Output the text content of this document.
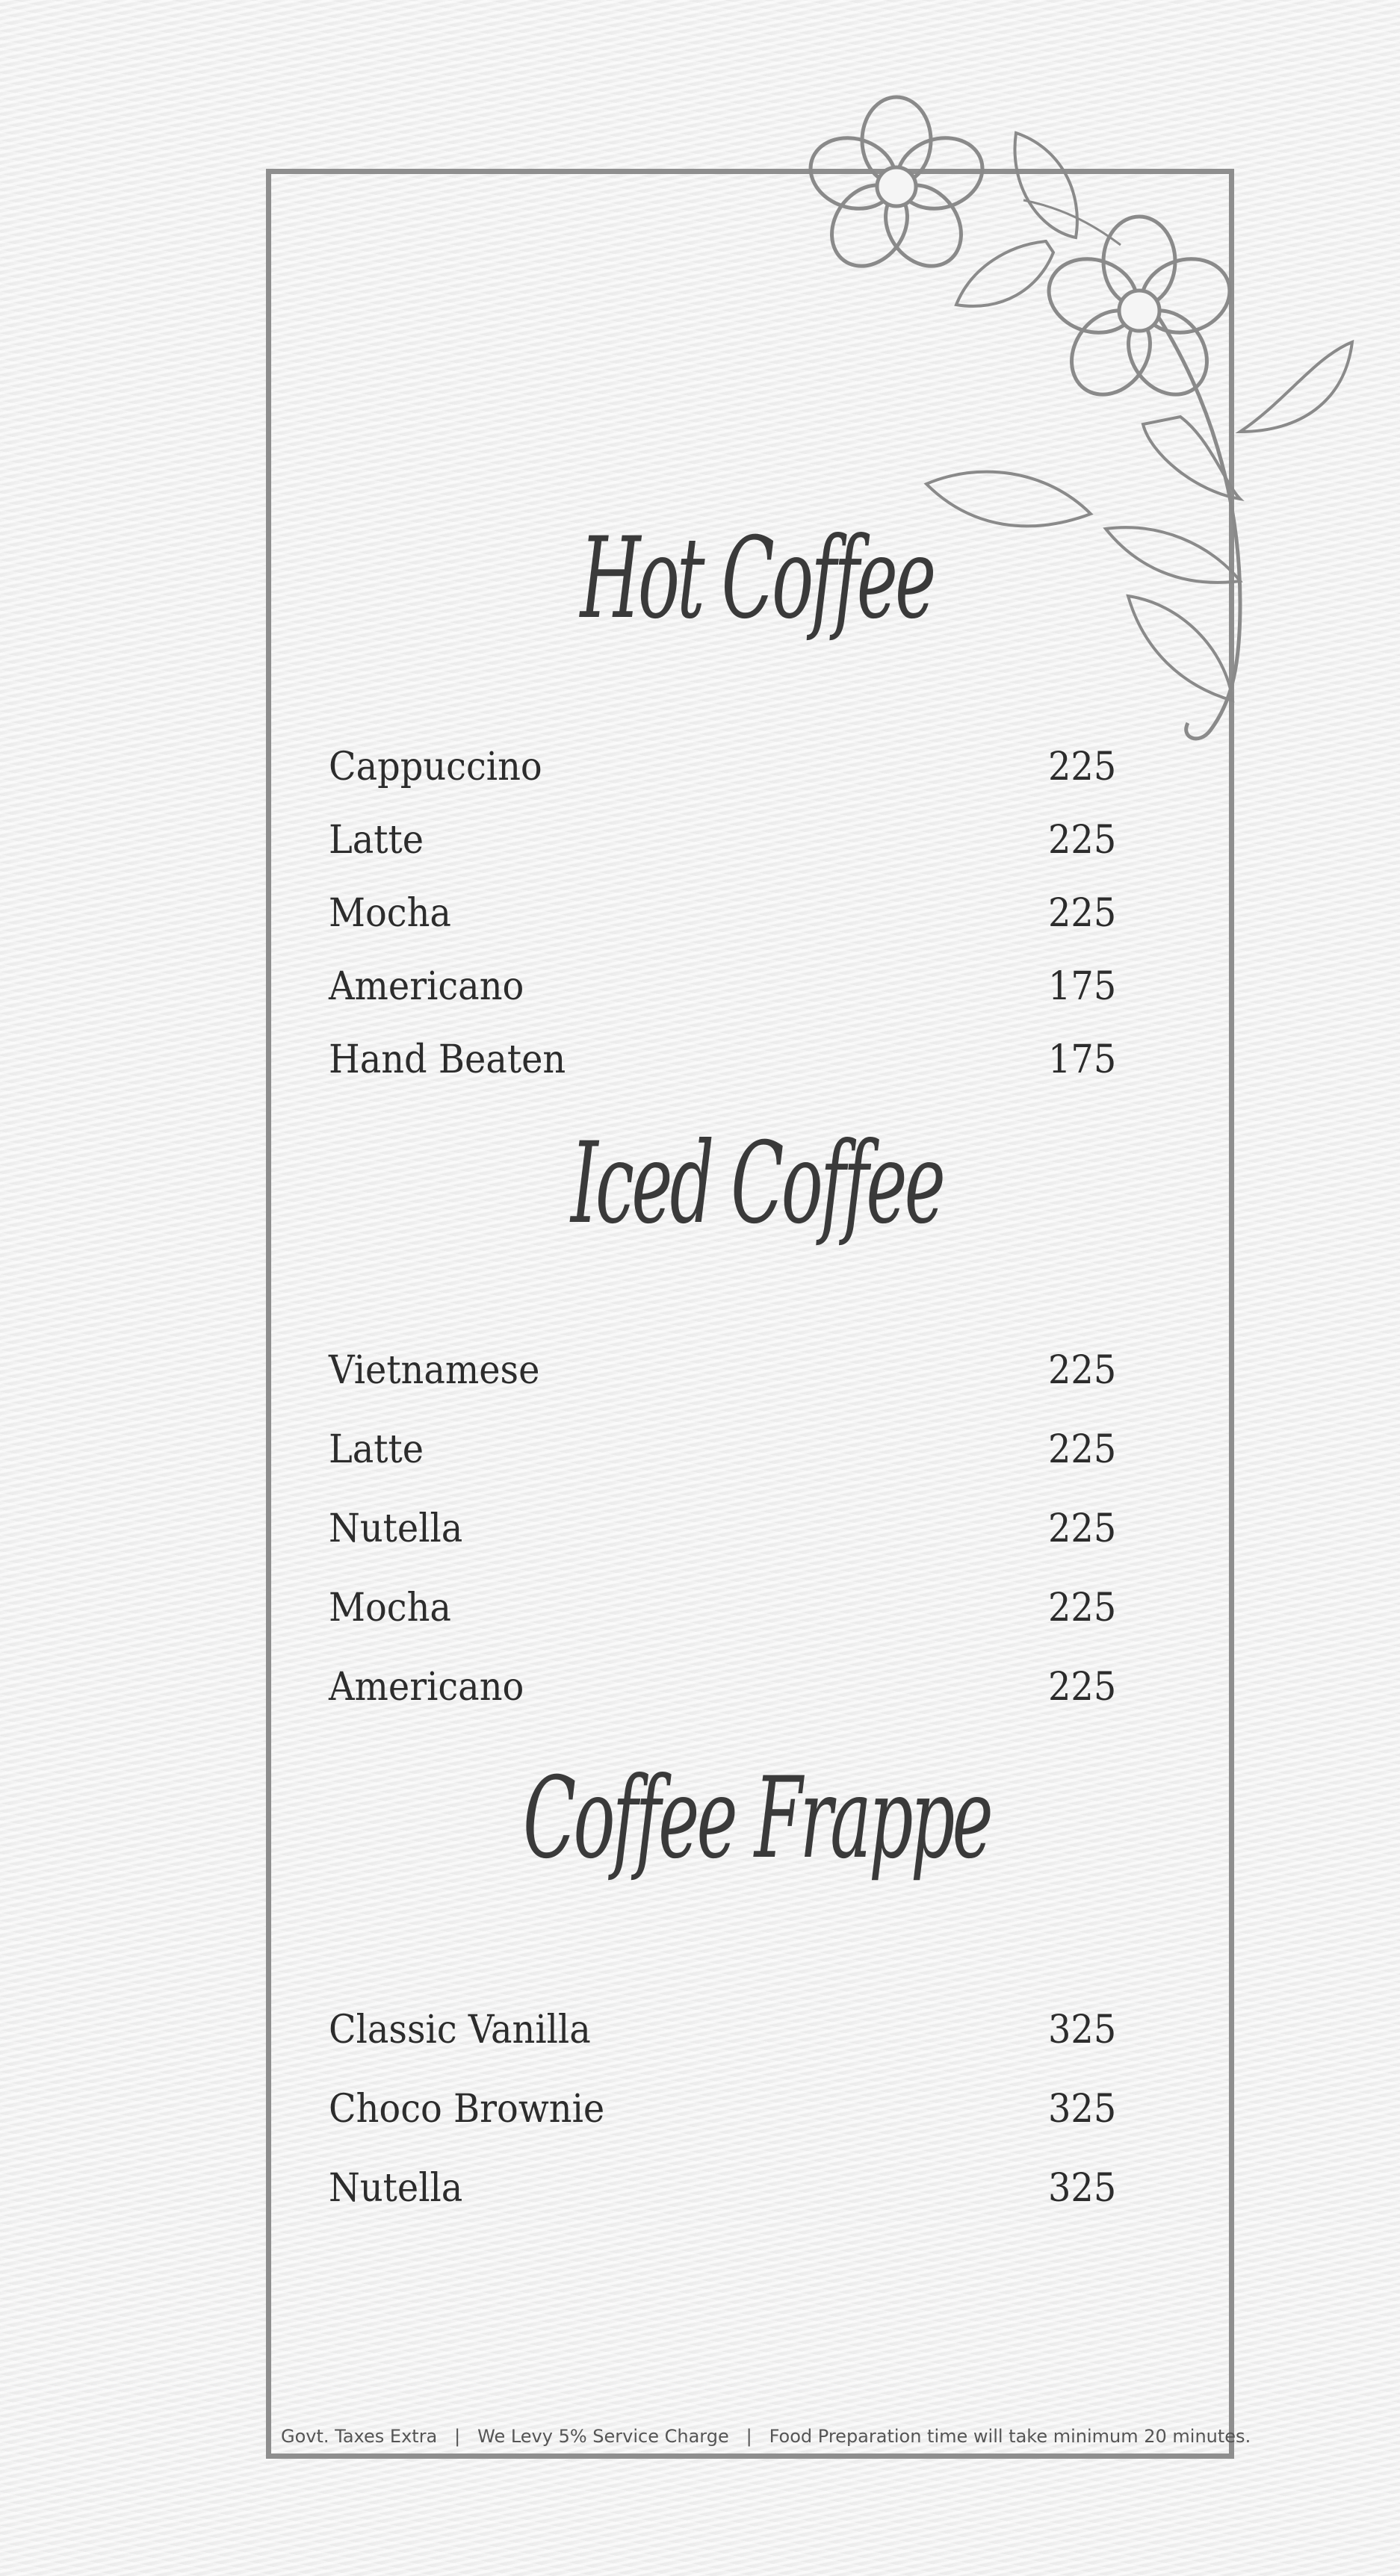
Hot Coffee
Cappuccino	225
Latte	225
Mocha	225
Americano	175
Hand Beaten	175
Iced Coffee
Vietnamese	225
Latte	225
Nutella	225
Mocha	225
Americano	225
Coffee Frappe
Classic Vanilla	325
Choco Brownie	325
Nutella	325
Govt. Taxes Extra   |   We Levy 5% Service Charge   |   Food Preparation time will take minimum 20 minutes.
